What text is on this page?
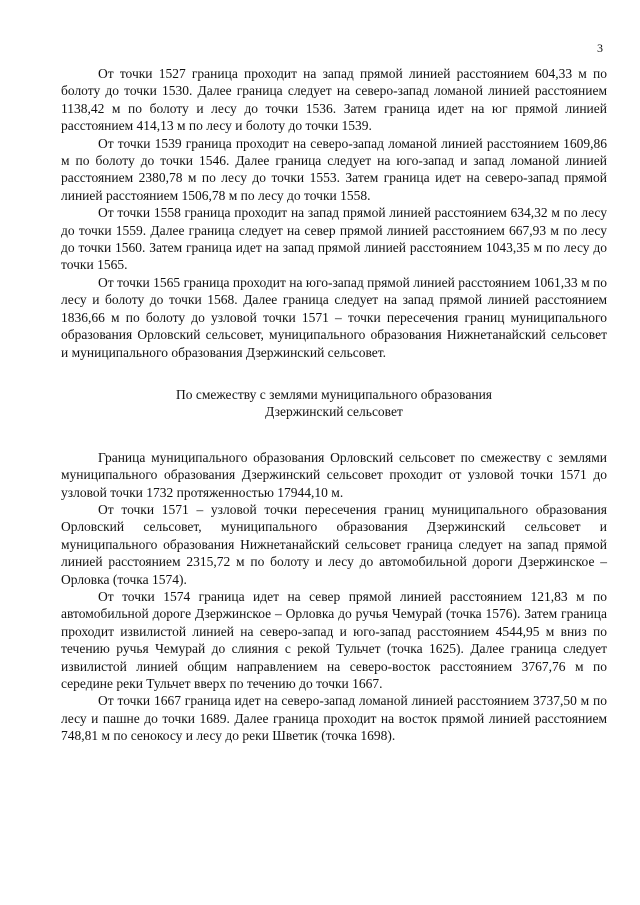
3

От точки 1527 граница проходит на запад прямой линией расстоянием 604,33 м по болоту до точки 1530. Далее граница следует на северо-запад ломаной линией расстоянием 1138,42 м по болоту и лесу до точки 1536. Затем граница идет на юг прямой линией расстоянием 414,13 м по лесу и болоту до точки 1539.

От точки 1539 граница проходит на северо-запад ломаной линией расстоянием 1609,86 м по болоту до точки 1546. Далее граница следует на юго-запад и запад ломаной линией расстоянием 2380,78 м по лесу до точки 1553. Затем граница идет на северо-запад прямой линией расстоянием 1506,78 м по лесу до точки 1558.

От точки 1558 граница проходит на запад прямой линией расстоянием 634,32 м по лесу до точки 1559. Далее граница следует на север прямой линией расстоянием 667,93 м по лесу до точки 1560. Затем граница идет на запад прямой линией расстоянием 1043,35 м по лесу до точки 1565.

От точки 1565 граница проходит на юго-запад прямой линией расстоянием 1061,33 м по лесу и болоту до точки 1568. Далее граница следует на запад прямой линией расстоянием 1836,66 м по болоту до узловой точки 1571 – точки пересечения границ муниципального образования Орловский сельсовет, муниципального образования Нижнетанайский сельсовет и муниципального образования Дзержинский сельсовет.

По смежеству с землями муниципального образования
Дзержинский сельсовет

Граница муниципального образования Орловский сельсовет по смежеству с землями муниципального образования Дзержинский сельсовет проходит от узловой точки 1571 до узловой точки 1732 протяженностью 17944,10 м.

От точки 1571 – узловой точки пересечения границ муниципального образования Орловский сельсовет, муниципального образования Дзержинский сельсовет и муниципального образования Нижнетанайский сельсовет граница следует на запад прямой линией расстоянием 2315,72 м по болоту и лесу до автомобильной дороги Дзержинское – Орловка (точка 1574).

От точки 1574 граница идет на север прямой линией расстоянием 121,83 м по автомобильной дороге Дзержинское – Орловка до ручья Чемурай (точка 1576). Затем граница проходит извилистой линией на северо-запад и юго-запад расстоянием 4544,95 м вниз по течению ручья Чемурай до слияния с рекой Тульчет (точка 1625). Далее граница следует извилистой линией общим направлением на северо-восток расстоянием 3767,76 м по середине реки Тульчет вверх по течению до точки 1667.

От точки 1667 граница идет на северо-запад ломаной линией расстоянием 3737,50 м по лесу и пашне до точки 1689. Далее граница проходит на восток прямой линией расстоянием 748,81 м по сенокосу и лесу до реки Шветик (точка 1698).
